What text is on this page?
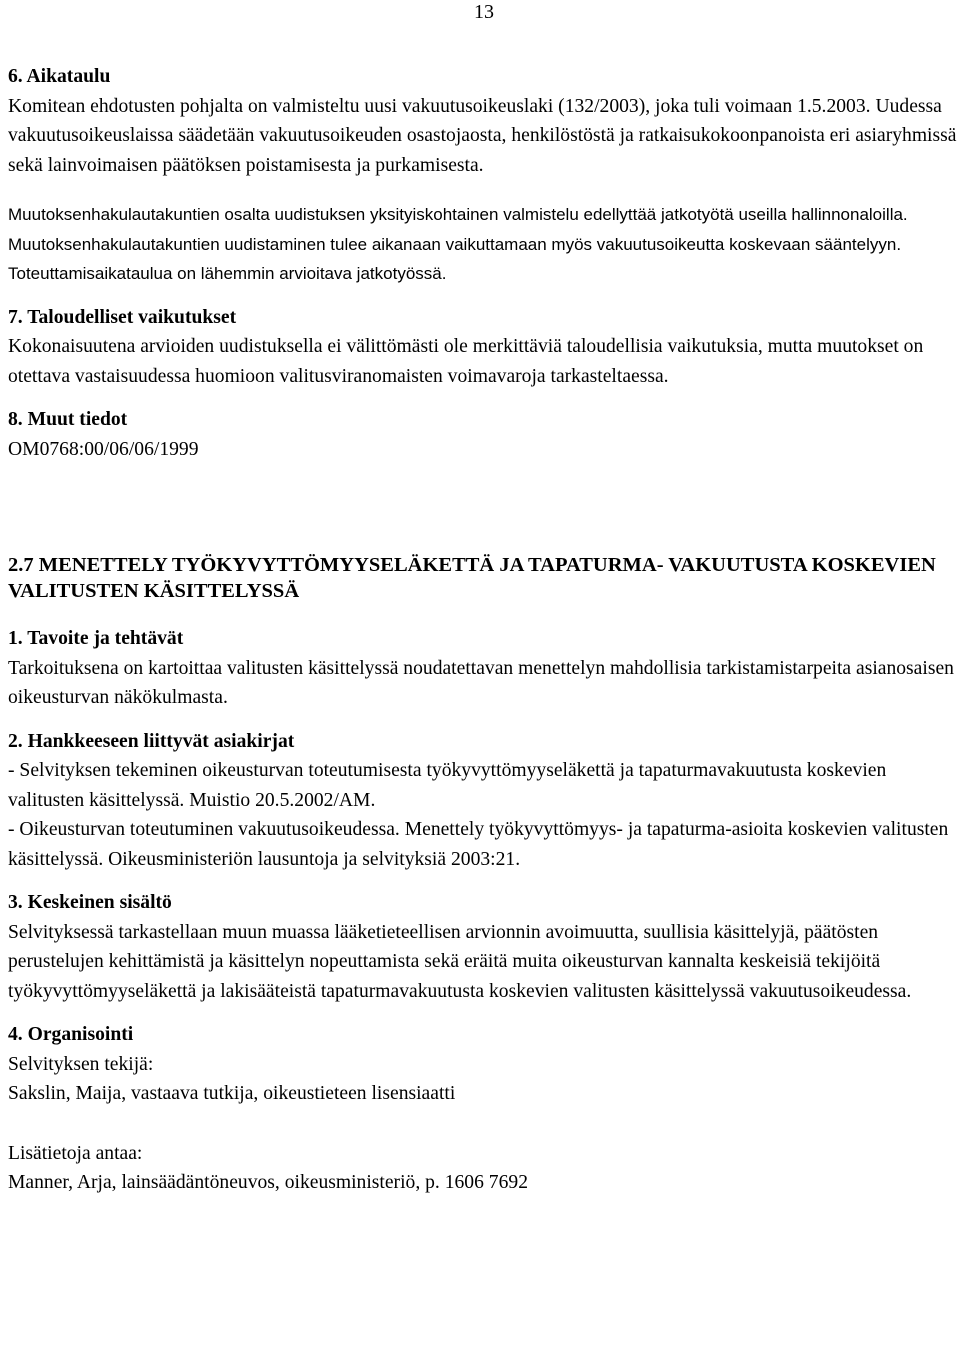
13
6. Aikataulu

Komitean ehdotusten pohjalta on valmisteltu uusi vakuutusoikeuslaki (132/2003), joka tuli voimaan 1.5.2003. Uudessa vakuutusoikeuslaissa säädetään vakuutusoikeuden osastojaosta, henkilöstöstä ja ratkaisukokoonpanoista eri asiaryhmissä sekä lainvoimaisen päätöksen poistamisesta ja purkamisesta.

Muutoksenhakulautakuntien osalta uudistuksen yksityiskohtainen valmistelu edellyttää jatkotyötä useilla hallinnonaloilla. Muutoksenhakulautakuntien uudistaminen tulee aikanaan vaikuttamaan myös vakuutusoikeutta koskevaan sääntelyyn. Toteuttamisaikataulua on lähemmin arvioitava jatkotyössä.

7. Taloudelliset vaikutukset

Kokonaisuutena arvioiden uudistuksella ei välittömästi ole merkittäviä taloudellisia vaikutuksia, mutta muutokset on otettava vastaisuudessa huomioon valitusviranomaisten voimavaroja tarkasteltaessa.

8. Muut tiedot

OM0768:00/06/06/1999

2.7 MENETTELY TYÖKYVYTTÖMYYSELÄKETTÄ JA TAPATURMA- VAKUUTUSTA KOSKEVIEN VALITUSTEN KÄSITTELYSSÄ
1. Tavoite ja tehtävät

Tarkoituksena on kartoittaa valitusten käsittelyssä noudatettavan menettelyn mahdollisia tarkistamistarpeita asianosaisen oikeusturvan näkökulmasta.

2. Hankkeeseen liittyvät asiakirjat

- Selvityksen tekeminen oikeusturvan toteutumisesta työkyvyttömyyseläkettä ja tapaturmavakuutusta koskevien valitusten käsittelyssä. Muistio 20.5.2002/AM.

- Oikeusturvan toteutuminen vakuutusoikeudessa. Menettely työkyvyttömyys- ja tapaturma-asioita koskevien valitusten käsittelyssä. Oikeusministeriön lausuntoja ja selvityksiä 2003:21.

3. Keskeinen sisältö

Selvityksessä tarkastellaan muun muassa lääketieteellisen arvionnin avoimuutta, suullisia käsittelyjä, päätösten perustelujen kehittämistä ja käsittelyn nopeuttamista sekä eräitä muita oikeusturvan kannalta keskeisiä tekijöitä työkyvyttömyyseläkettä ja lakisääteistä tapaturmavakuutusta koskevien valitusten käsittelyssä vakuutusoikeudessa.

4. Organisointi

Selvityksen tekijä:

Sakslin, Maija, vastaava tutkija, oikeustieteen lisensiaatti

Lisätietoja antaa:

Manner, Arja, lainsäädäntöneuvos, oikeusministeriö, p. 1606 7692
